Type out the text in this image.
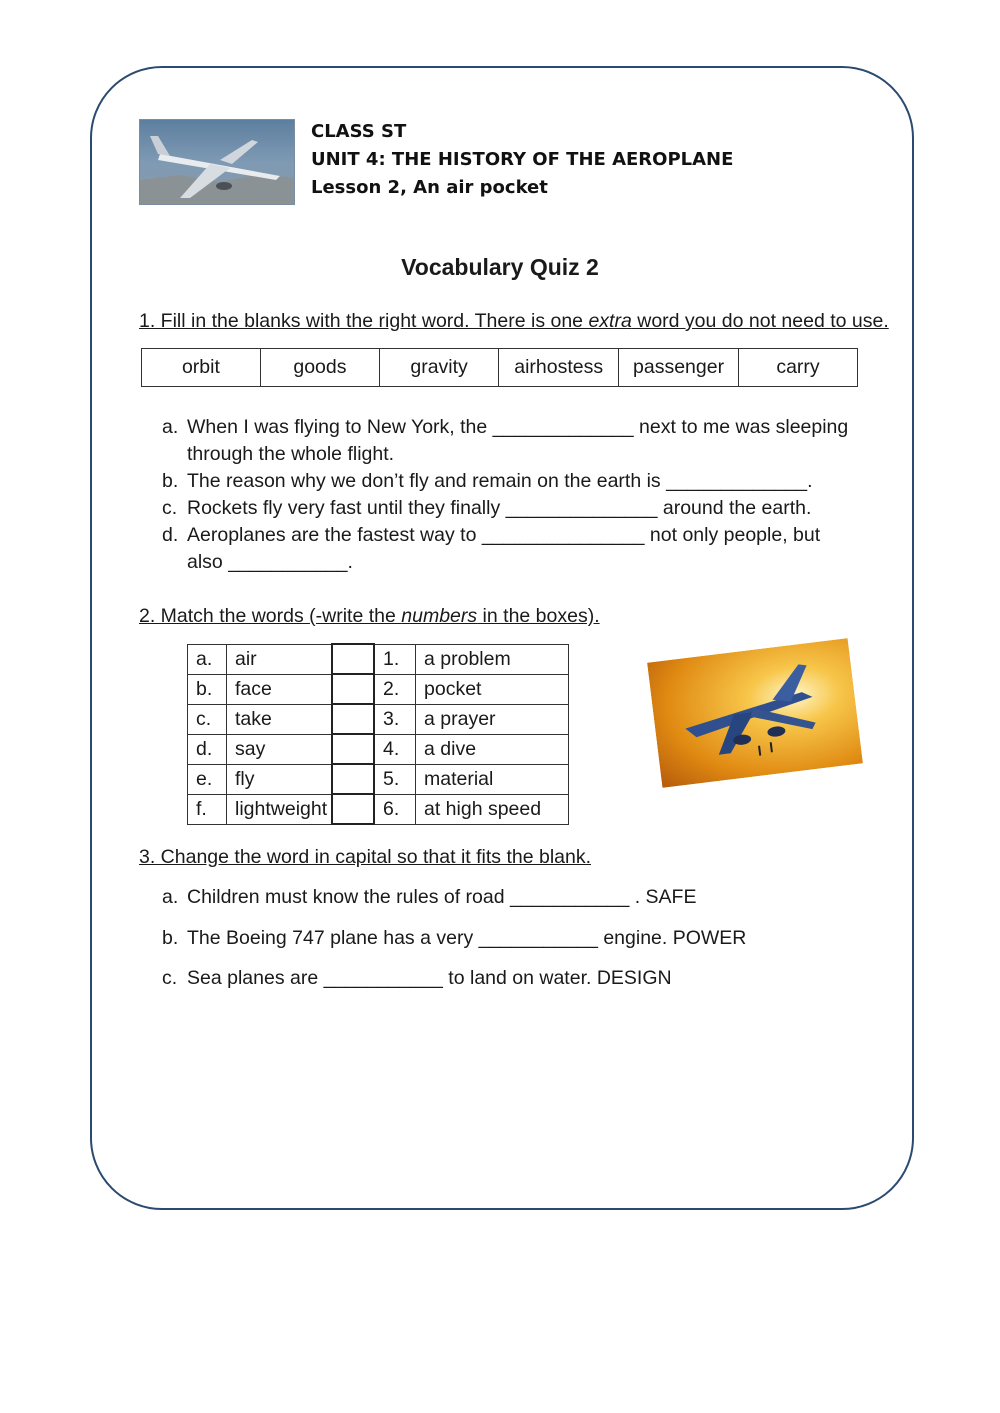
CLASS ST
UNIT 4: THE HISTORY OF THE AEROPLANE
Lesson 2, An air pocket
Vocabulary Quiz 2
1. Fill in the blanks with the right word. There is one extra word you do not need to use.
orbit	goods	gravity	airhostess	passenger	carry
a. When I was flying to New York, the _____________ next to me was sleeping
through the whole flight.
b. The reason why we don’t fly and remain on the earth is _____________.
c. Rockets fly very fast until they finally ______________ around the earth.
d. Aeroplanes are the fastest way to _______________ not only people, but
also ___________.
2. Match the words (-write the numbers in the boxes).
a.	air		1.	a problem
b.	face		2.	pocket
c.	take		3.	a prayer
d.	say		4.	a dive
e.	fly		5.	material
f.	lightweight		6.	at high speed
3. Change the word in capital so that it fits the blank.
a. Children must know the rules of road ___________ . SAFE
b. The Boeing 747 plane has a very ___________ engine. POWER
c. Sea planes are ___________ to land on water. DESIGN
